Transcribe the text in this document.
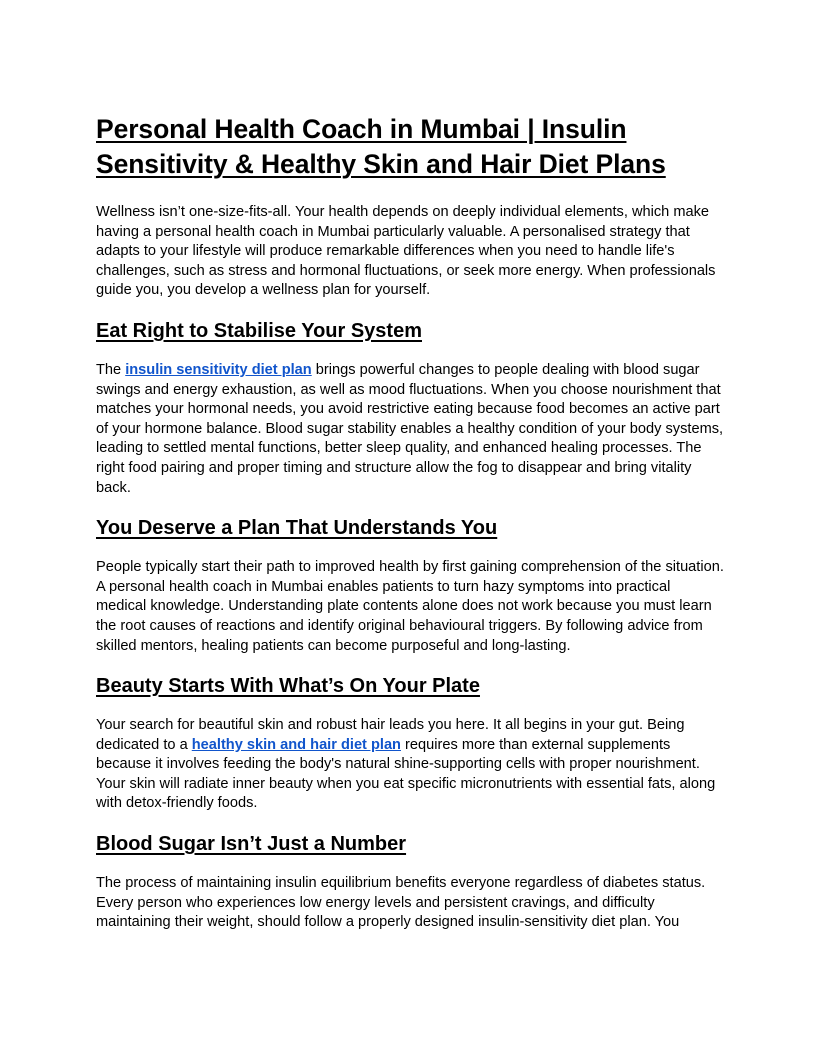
Personal Health Coach in Mumbai | Insulin Sensitivity & Healthy Skin and Hair Diet Plans

Wellness isn’t one-size-fits-all. Your health depends on deeply individual elements, which make having a personal health coach in Mumbai particularly valuable. A personalised strategy that adapts to your lifestyle will produce remarkable differences when you need to handle life's challenges, such as stress and hormonal fluctuations, or seek more energy. When professionals guide you, you develop a wellness plan for yourself.

Eat Right to Stabilise Your System

The insulin sensitivity diet plan brings powerful changes to people dealing with blood sugar swings and energy exhaustion, as well as mood fluctuations. When you choose nourishment that matches your hormonal needs, you avoid restrictive eating because food becomes an active part of your hormone balance. Blood sugar stability enables a healthy condition of your body systems, leading to settled mental functions, better sleep quality, and enhanced healing processes. The right food pairing and proper timing and structure allow the fog to disappear and bring vitality back.

You Deserve a Plan That Understands You

People typically start their path to improved health by first gaining comprehension of the situation. A personal health coach in Mumbai enables patients to turn hazy symptoms into practical medical knowledge. Understanding plate contents alone does not work because you must learn the root causes of reactions and identify original behavioural triggers. By following advice from skilled mentors, healing patients can become purposeful and long-lasting.

Beauty Starts With What’s On Your Plate

Your search for beautiful skin and robust hair leads you here. It all begins in your gut. Being dedicated to a healthy skin and hair diet plan requires more than external supplements because it involves feeding the body's natural shine-supporting cells with proper nourishment. Your skin will radiate inner beauty when you eat specific micronutrients with essential fats, along with detox-friendly foods.

Blood Sugar Isn’t Just a Number

The process of maintaining insulin equilibrium benefits everyone regardless of diabetes status. Every person who experiences low energy levels and persistent cravings, and difficulty maintaining their weight, should follow a properly designed insulin-sensitivity diet plan. You
